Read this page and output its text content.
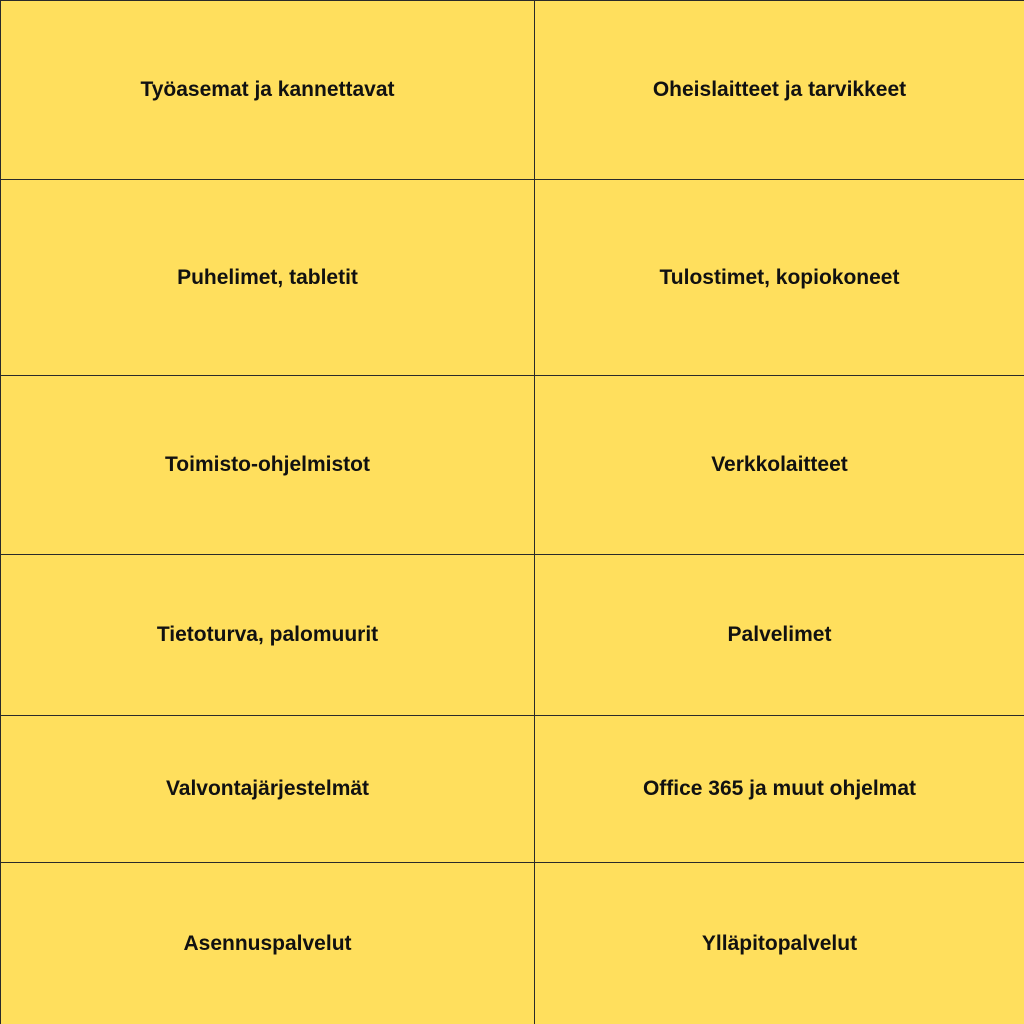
Työasemat ja kannettavat	Oheislaitteet ja tarvikkeet
Puhelimet, tabletit	Tulostimet, kopiokoneet
Toimisto-ohjelmistot	Verkkolaitteet
Tietoturva, palomuurit	Palvelimet
Valvontajärjestelmät	Office 365 ja muut ohjelmat
Asennuspalvelut	Ylläpitopalvelut
